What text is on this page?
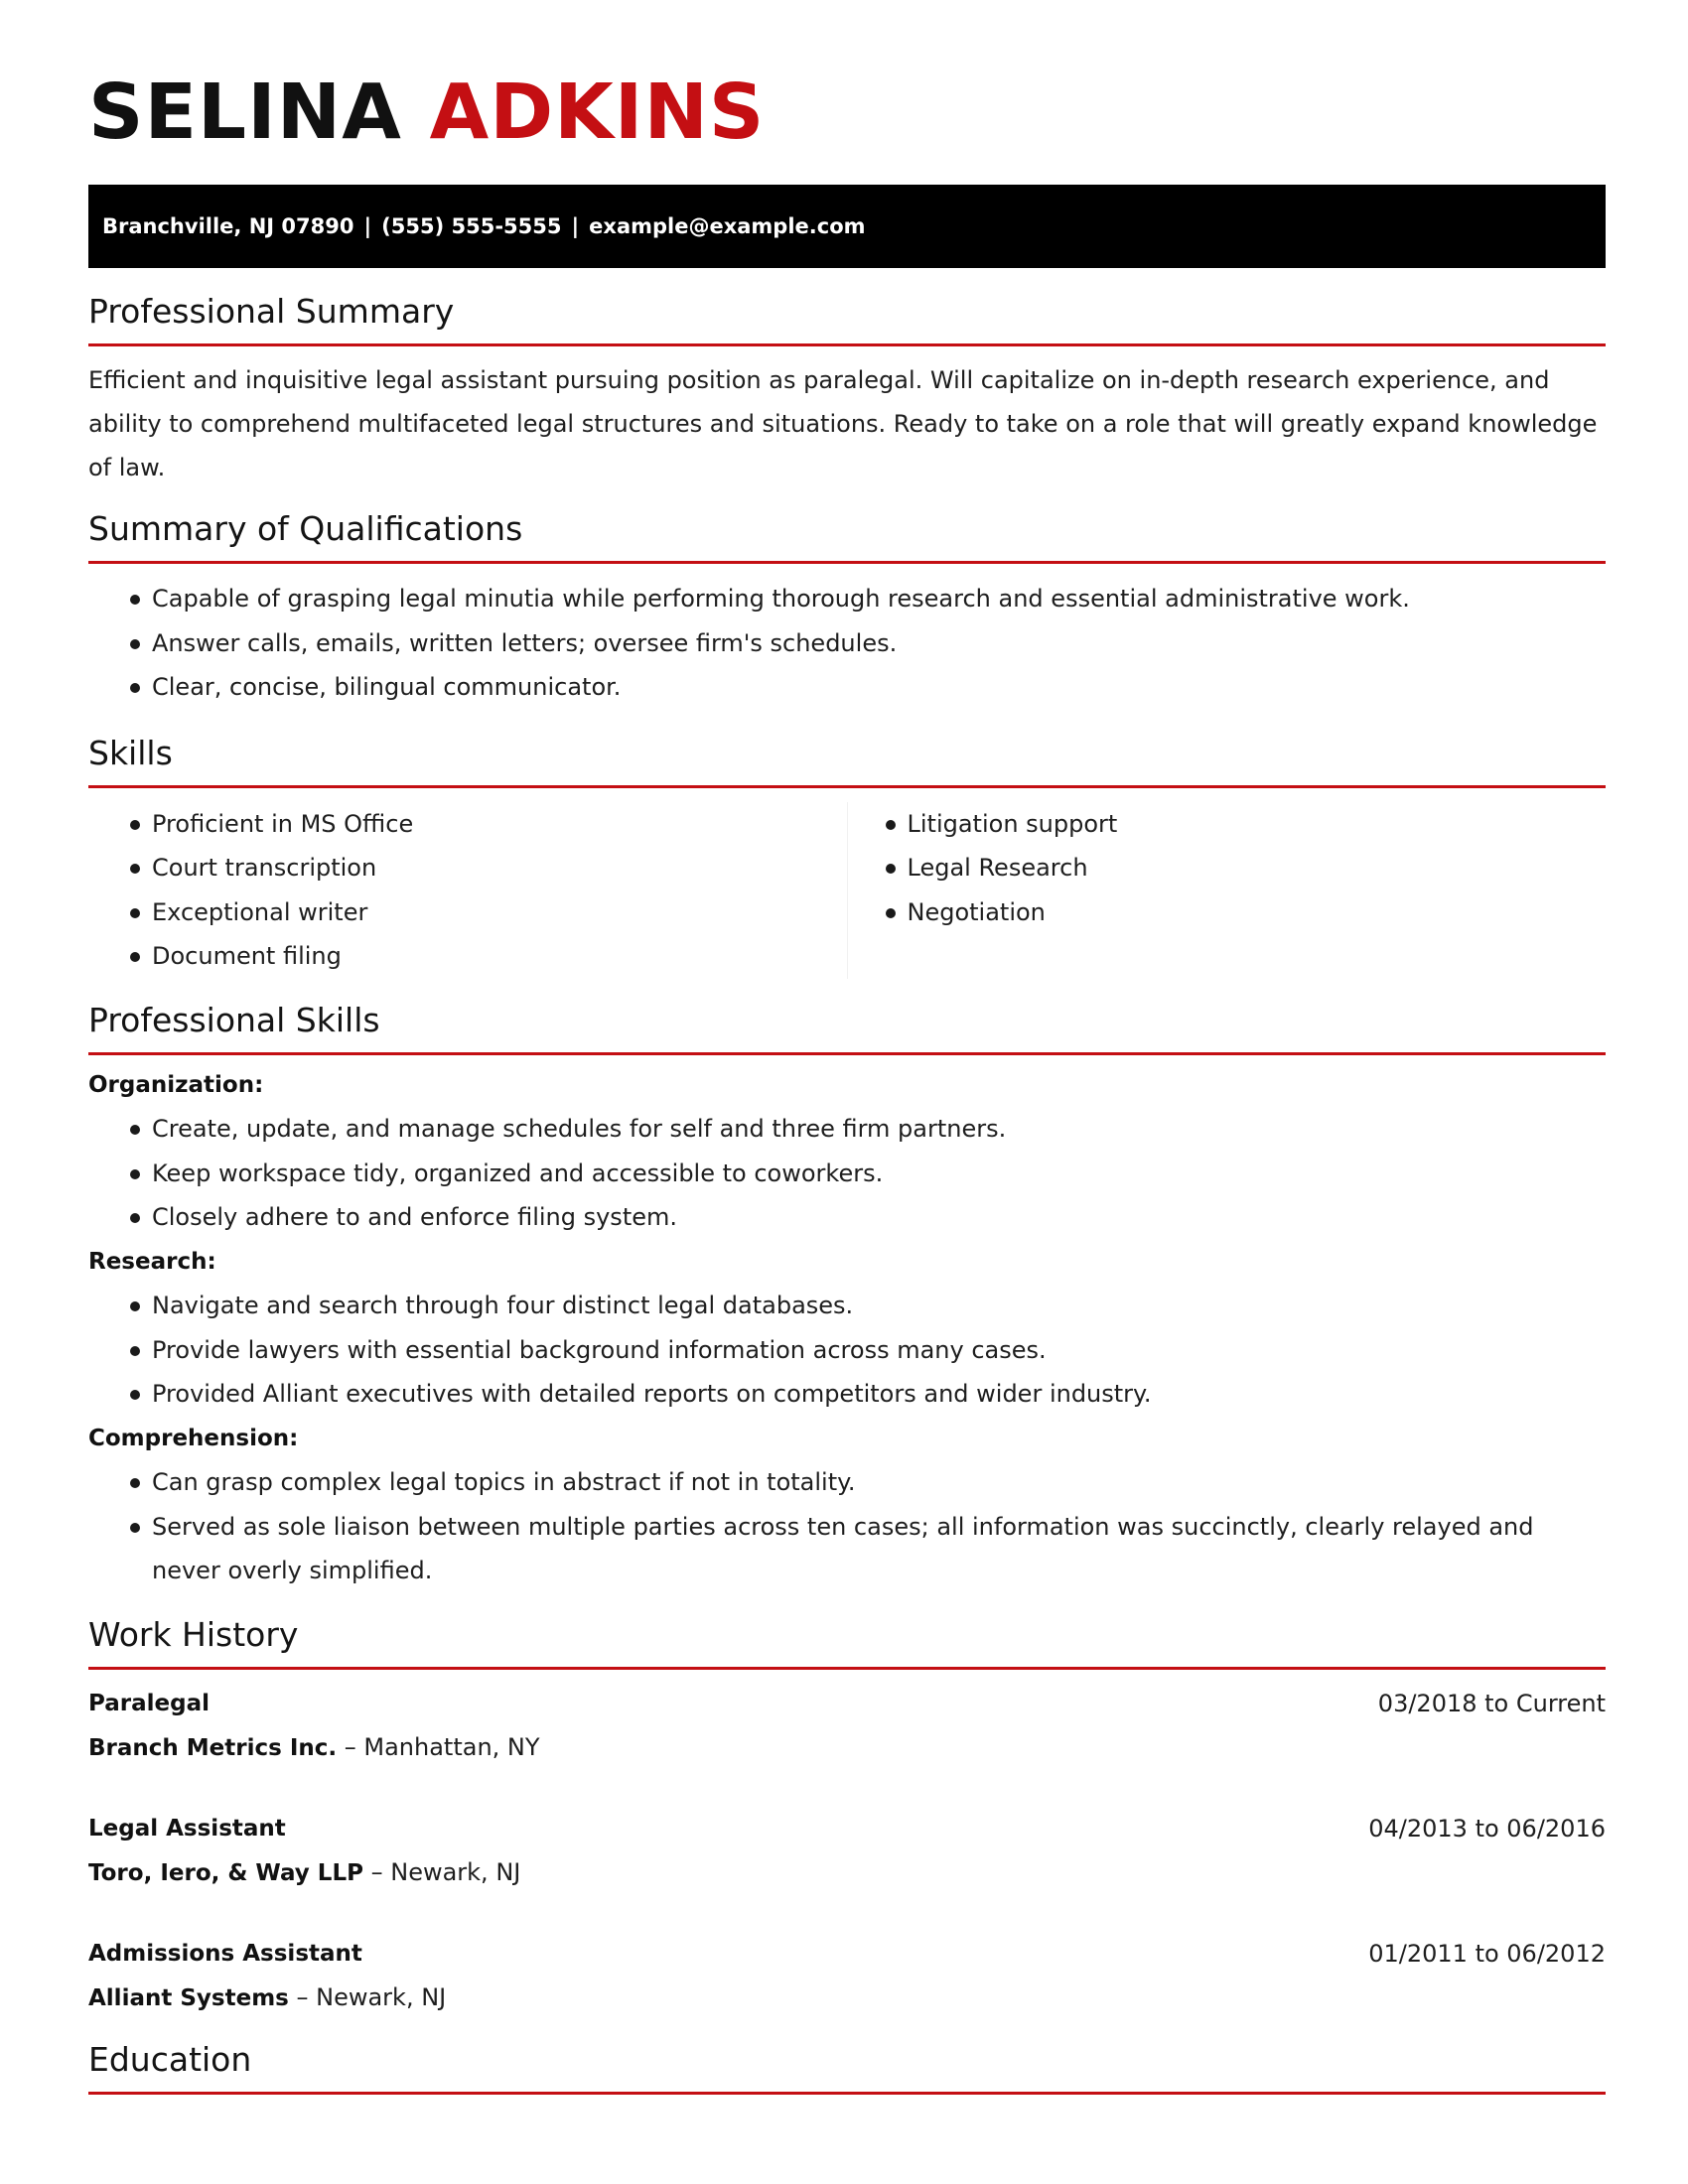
SELINA ADKINS
Branchville, NJ 07890 | (555) 555-5555 | example@example.com
Professional Summary

Efficient and inquisitive legal assistant pursuing position as paralegal. Will capitalize on in-depth research experience, and ability to comprehend multifaceted legal structures and situations. Ready to take on a role that will greatly expand knowledge of law.

Summary of Qualifications
Capable of grasping legal minutia while performing thorough research and essential administrative work.
Answer calls, emails, written letters; oversee firm's schedules.
Clear, concise, bilingual communicator.
Skills
Proficient in MS Office
Court transcription
Exceptional writer
Document filing
Litigation support
Legal Research
Negotiation
Professional Skills
Organization:
Create, update, and manage schedules for self and three firm partners.
Keep workspace tidy, organized and accessible to coworkers.
Closely adhere to and enforce filing system.
Research:
Navigate and search through four distinct legal databases.
Provide lawyers with essential background information across many cases.
Provided Alliant executives with detailed reports on competitors and wider industry.
Comprehension:
Can grasp complex legal topics in abstract if not in totality.
Served as sole liaison between multiple parties across ten cases; all information was succinctly, clearly relayed and never overly simplified.
Work History
Paralegal	03/2018 to Current
Branch Metrics Inc. – Manhattan, NY
Legal Assistant	04/2013 to 06/2016
Toro, Iero, & Way LLP – Newark, NJ
Admissions Assistant	01/2011 to 06/2012
Alliant Systems – Newark, NJ
Education
